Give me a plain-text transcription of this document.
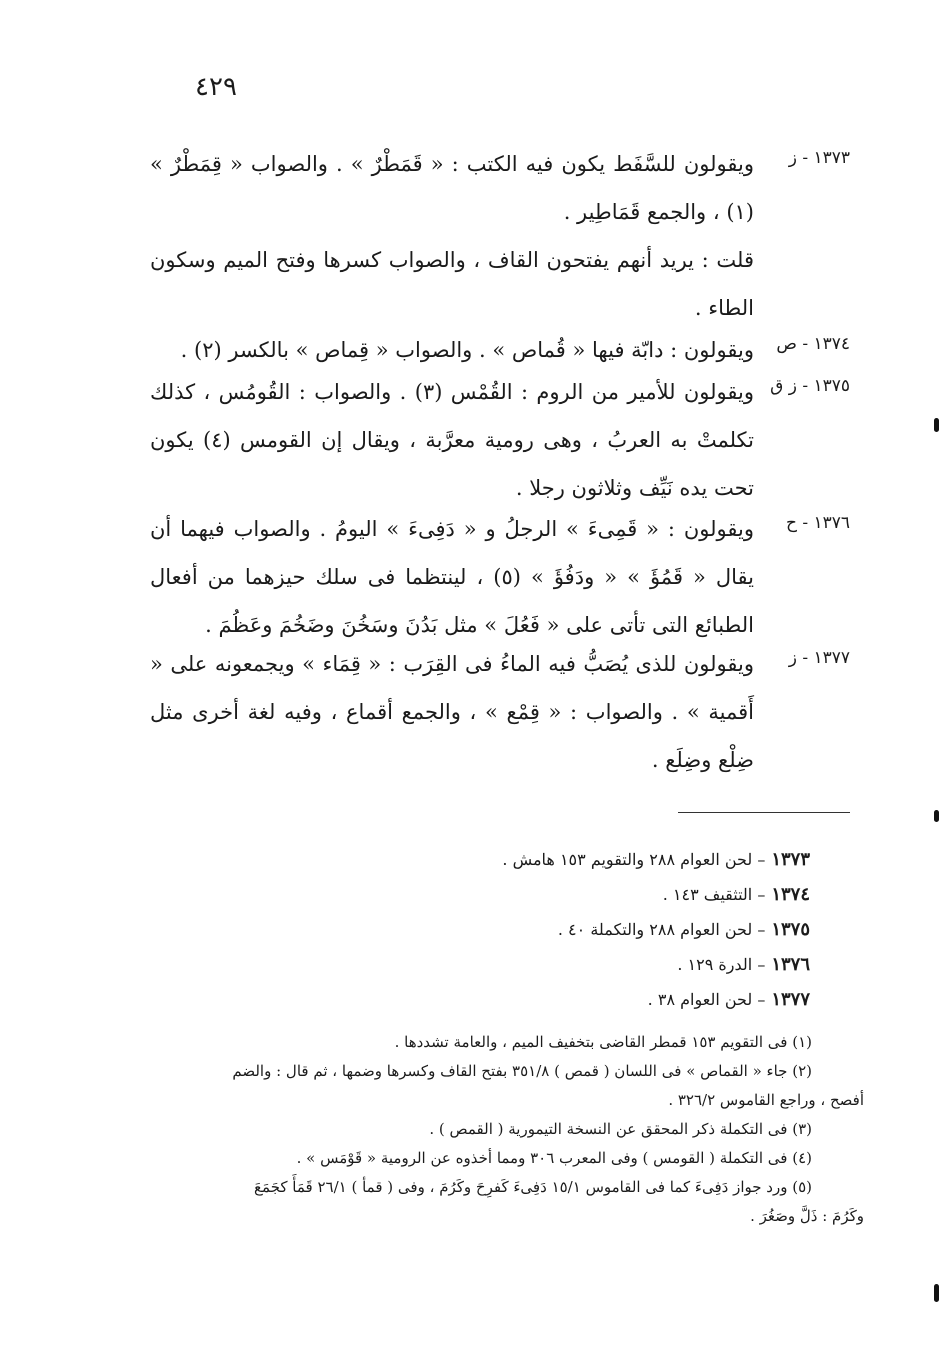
٤٢٩
١٣٧٣ - ز
ويقولون للسَّفَط يكون فيه الكتب : « قَمَطْرٌ » . والصواب « قِمَطْرٌ » (١) ، والجمع قَمَاطِير .
قلت : يريد أنهم يفتحون القاف ، والصواب كسرها وفتح الميم وسكون الطاء .
١٣٧٤ - ص
ويقولون : دابّة فيها « قُماص » . والصواب « قِماص » بالكسر (٢) .
١٣٧٥ - ز ق
ويقولون للأمير من الروم : القُمْس (٣) . والصواب : القُومُس ، كذلك تكلمتْ به العربُ ، وهى رومية معرَّبة ، ويقال إن القومس (٤) يكون تحت يده نَيِّف وثلاثون رجلا .
١٣٧٦ - ح
ويقولون : « قَمِىءَ » الرجلُ و « دَفِىءَ » اليومُ . والصواب فيهما أن يقال « قَمُؤَ » « ودَفُؤَ » (٥) ، لينتظما فى سلك حيزهما من أفعال الطبائع التى تأتى على « فَعُلَ » مثل بَدُنَ وسَخُنَ وضَخُمَ وعَظُمَ .
١٣٧٧ - ز
ويقولون للذى يُصَبُّ فيه الماءُ فى القِرَب : « قِمَاء » ويجمعونه على « أَقمية » . والصواب : « قِمْع » ، والجمع أقماع ، وفيه لغة أخرى مثل ضِلْع وضِلَع .
١٣٧٣– لحن العوام ٢٨٨ والتقويم ١٥٣ هامش .
١٣٧٤– التثقيف ١٤٣ .
١٣٧٥– لحن العوام ٢٨٨ والتكملة ٤٠ .
١٣٧٦– الدرة ١٢٩ .
١٣٧٧– لحن العوام ٣٨ .
(١) فى التقويم ١٥٣ قمطر القاضى بتخفيف الميم ، والعامة تشددها .
(٢) جاء « القماص » فى اللسان ( قمص ) ٣٥١/٨ بفتح القاف وكسرها وضمها ، ثم قال : والضم
أفصح ، وراجع القاموس ٣٢٦/٢ .
(٣) فى التكملة ذكر المحقق عن النسخة التيمورية ( القمص ) .
(٤) فى التكملة ( القومس ) وفى المعرب ٣٠٦ ومما أخذوه عن الرومية « قَوْمَس » .
(٥) ورد جواز دَفِىءَ كما فى القاموس ١٥/١ دَفِىءَ كَفرِحَ وكَرُمَ ، وفى ( قمأ ) ٢٦/١ قَمَأَ كجَمَعَ
وكَرُمَ : ذَلَّ وصَغُرَ .
